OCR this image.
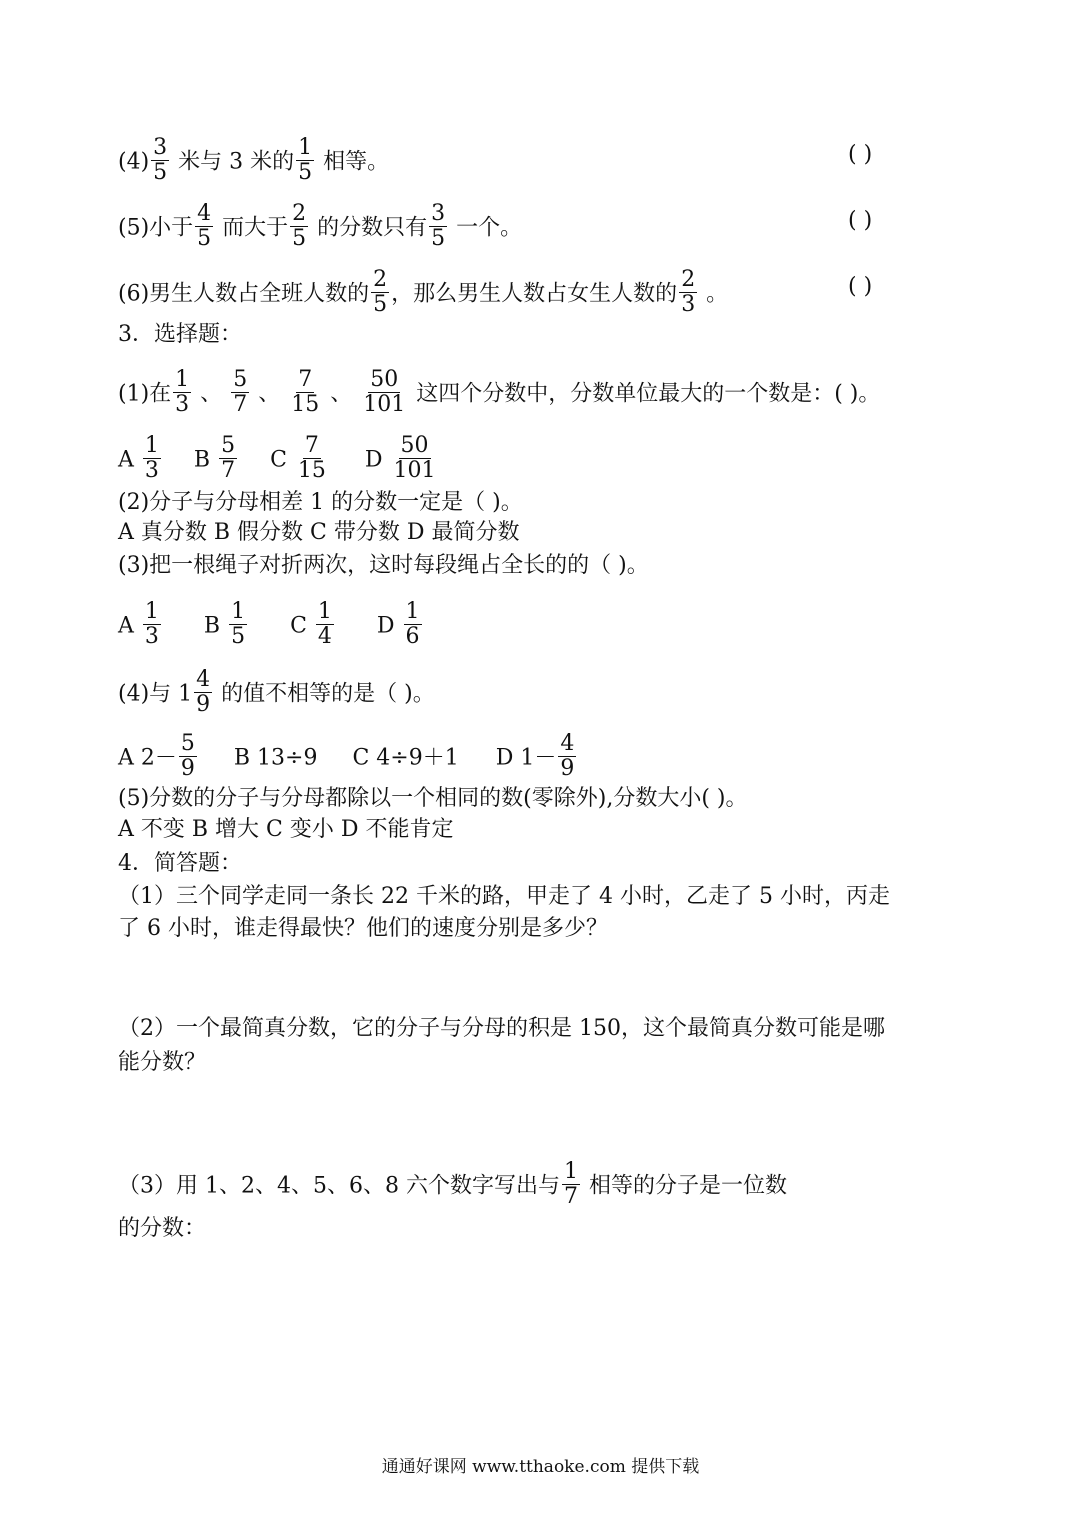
$(4) \frac{3}{5}$ 米与 3 米的 $\frac{1}{5}$ 相等。	( )
(5)小于 $\frac{4}{5}$ 而大于 $\frac{2}{5}$ 的分数只有 $\frac{3}{5}$ 一个。	( )
(6)男生人数占全班人数的 $\frac{2}{5}$ ，那么男生人数占女生人数的 $\frac{2}{3}$ 。	( )
3．选择题：
(1)在 $\frac{1}{3}$ 、 $\frac{5}{7}$ 、 $\frac{7}{15}$ 、 $\frac{50}{101}$ 这四个分数中，分数单位最大的一个数是：( )。
A $\frac{1}{3}$ B $\frac{5}{7}$ C $\frac{7}{15}$ D $\frac{50}{101}$
(2)分子与分母相差 1 的分数一定是（ )。
A 真分数 B 假分数 C 带分数 D 最简分数
(3)把一根绳子对折两次，这时每段绳占全长的的（ )。
A $\frac{1}{3}$ B $\frac{1}{5}$ C $\frac{1}{4}$ D $\frac{1}{6}$
(4)与 $1 \frac{4}{9}$ 的值不相等的是（ )。
A $2- \frac{5}{9}$ B 13÷9 C 4÷9＋1 D $1- \frac{4}{9}$
(5)分数的分子与分母都除以一个相同的数(零除外),分数大小( )。
A 不变 B 增大 C 变小 D 不能肯定
4．简答题：
（1）三个同学走同一条长 22 千米的路，甲走了 4 小时，乙走了 5 小时，丙走
了 6 小时，谁走得最快？他们的速度分别是多少？
（2）一个最简真分数，它的分子与分母的积是 150，这个最简真分数可能是哪
能分数？
（3）用 1、2、4、5、6、8 六个数字写出与 $\frac{1}{7}$ 相等的分子是一位数
的分数：
通通好课网 www.tthaoke.com 提供下载
